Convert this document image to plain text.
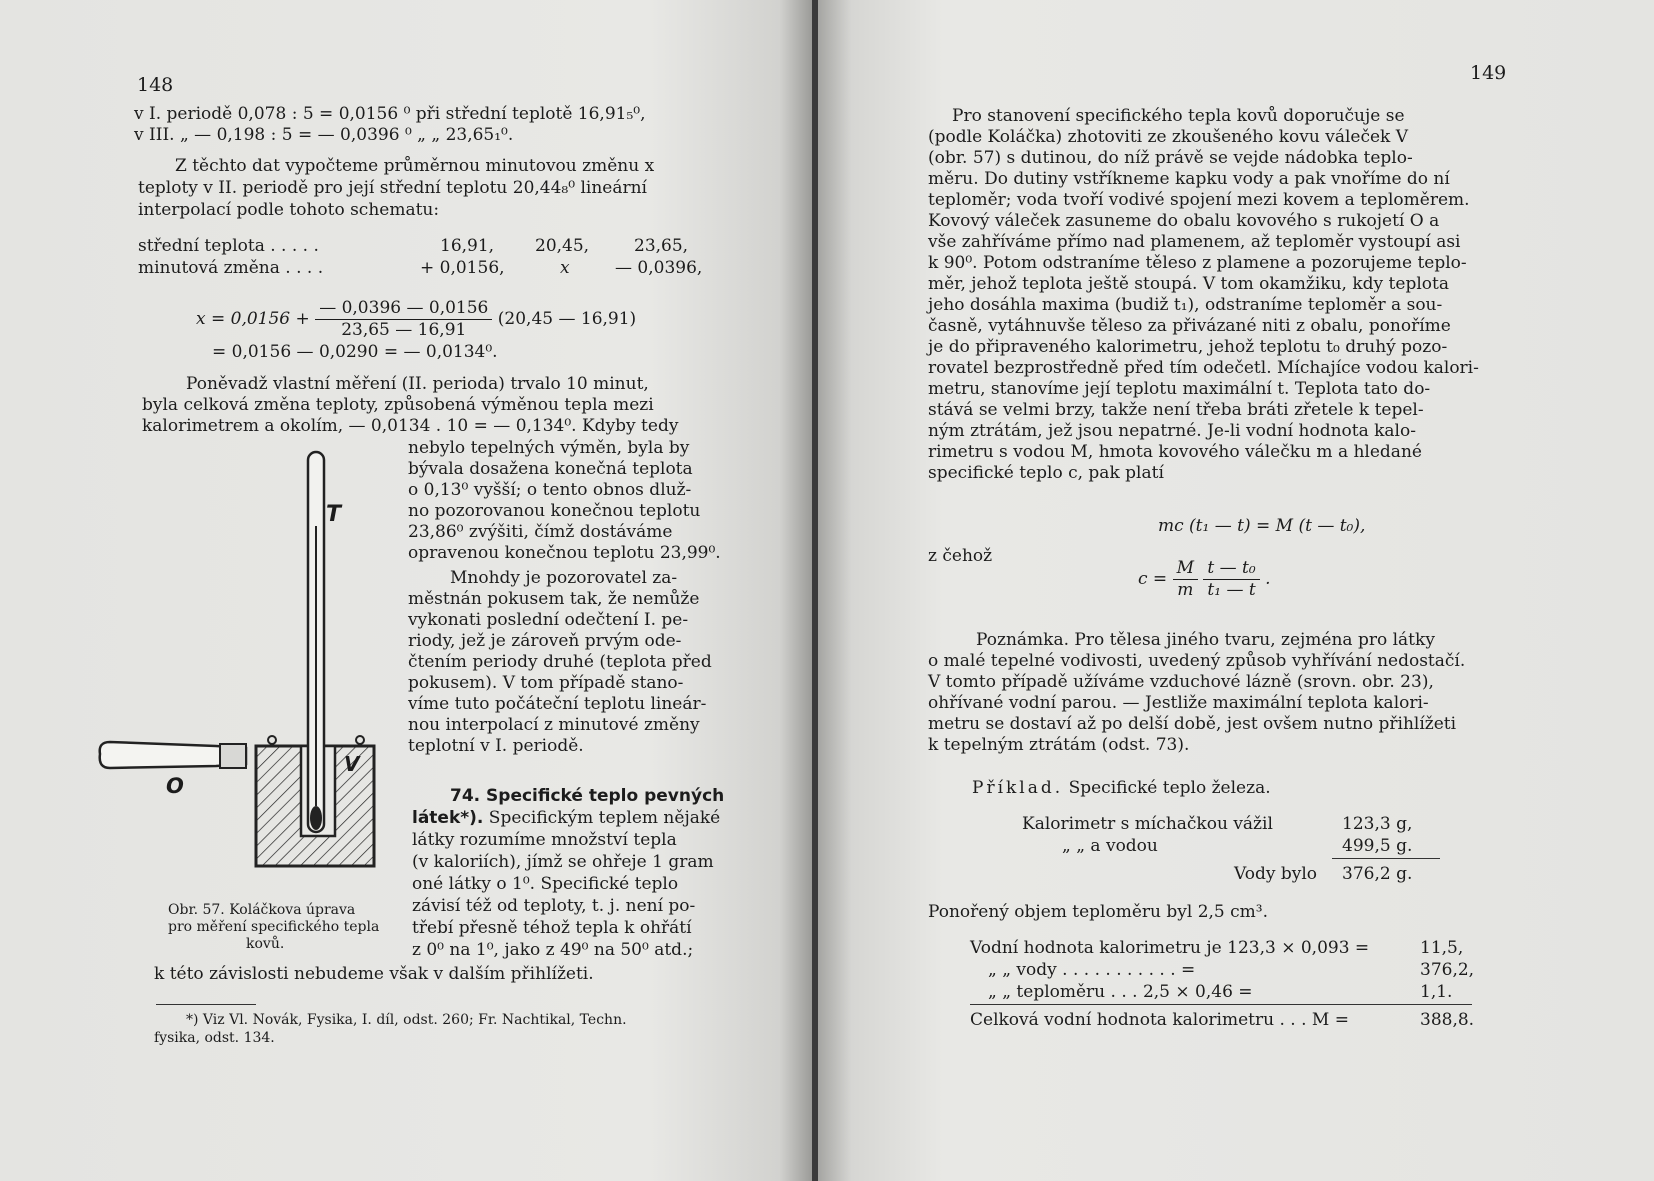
148
v I. periodě 0,078 : 5 = 0,0156 ⁰ při střední teplotě 16,91₅⁰,
v III. „ — 0,198 : 5 = — 0,0396 ⁰ „ „ 23,65₁⁰.
Z těchto dat vypočteme průměrnou minutovou změnu x
teploty v II. periodě pro její střední teplotu 20,44₈⁰ lineární
interpolací podle tohoto schematu:
střední teplota . . . . .	16,91, 20,45,	23,65,
minutová změna . . . .	+ 0,0156,	x	— 0,0396,
$x = 0,0156 + \frac{— 0,0396 — 0,0156}{23,65 — 16,91} (20,45$ — 16,91)
= 0,0156 — 0,0290 = — 0,0134⁰.
Poněvadž vlastní měření (II. perioda) trvalo 10 minut,
byla celková změna teploty, způsobená výměnou tepla mezi
kalorimetrem a okolím, — 0,0134 . 10 = — 0,134⁰. Kdyby tedy
nebylo tepelných výměn, byla by
bývala dosažena konečná teplota
o 0,13⁰ vyšší; o tento obnos dluž-
no pozorovanou konečnou teplotu
23,86⁰ zvýšiti, čímž dostáváme
opravenou konečnou teplotu 23,99⁰.
Mnohdy je pozorovatel za-
městnán pokusem tak, že nemůže
vykonati poslední odečtení I. pe-
riody, jež je zároveň prvým ode-
čtením periody druhé (teplota před
pokusem). V tom případě stano-
víme tuto počáteční teplotu lineár-
nou interpolací z minutové změny
teplotní v I. periodě.
74. Specifické teplo pevných
látek*). Specifickým teplem nějaké
látky rozumíme množství tepla
(v kaloriích), jímž se ohřeje 1 gram
oné látky o 1⁰. Specifické teplo
závisí též od teploty, t. j. není po-
třebí přesně téhož tepla k ohřátí
z 0⁰ na 1⁰, jako z 49⁰ na 50⁰ atd.;
k této závislosti nebudeme však v dalším přihlížeti.
T
V
O
Obr. 57. Koláčkova úprava
pro měření specifického tepla
kovů.
*) Viz Vl. Novák, Fysika, I. díl, odst. 260; Fr. Nachtikal, Techn.
fysika, odst. 134.
149
Pro stanovení specifického tepla kovů doporučuje se
(podle Koláčka) zhotoviti ze zkoušeného kovu váleček V
(obr. 57) s dutinou, do níž právě se vejde nádobka teplo-
měru. Do dutiny vstříkneme kapku vody a pak vnoříme do ní
teploměr; voda tvoří vodivé spojení mezi kovem a teploměrem.
Kovový váleček zasuneme do obalu kovového s rukojetí O a
vše zahříváme přímo nad plamenem, až teploměr vystoupí asi
k 90⁰. Potom odstraníme těleso z plamene a pozorujeme teplo-
měr, jehož teplota ještě stoupá. V tom okamžiku, kdy teplota
jeho dosáhla maxima (budiž t₁), odstraníme teploměr a sou-
časně, vytáhnuvše těleso za přivázané niti z obalu, ponoříme
je do připraveného kalorimetru, jehož teplotu t₀ druhý pozo-
rovatel bezprostředně před tím odečetl. Míchajíce vodou kalori-
metru, stanovíme její teplotu maximální t. Teplota tato do-
stává se velmi brzy, takže není třeba bráti zřetele k tepel-
ným ztrátám, jež jsou nepatrné. Je-li vodní hodnota kalo-
rimetru s vodou M, hmota kovového válečku m a hledané
specifické teplo c, pak platí
mc (t₁ — t) = M (t — t₀),
z čehož
$c = \frac{M}{m}$
$\frac{\text{t — t₀}}{\text{t₁ — t}}$ .
Poznámka. Pro tělesa jiného tvaru, zejména pro látky
o malé tepelné vodivosti, uvedený způsob vyhřívání nedostačí.
V tomto případě užíváme vzduchové lázně (srovn. obr. 23),
ohřívané vodní parou. — Jestliže maximální teplota kalori-
metru se dostaví až po delší době, jest ovšem nutno přihlížeti
k tepelným ztrátám (odst. 73).
Příklad. Specifické teplo železa.
Kalorimetr s míchačkou vážil	123,3 g,
„ „ a vodou	499,5 g.
Vody bylo 376,2 g.
Ponořený objem teploměru byl 2,5 cm³.
Vodní hodnota kalorimetru je 123,3 × 0,093 =	11,5,
„ „ vody . . . . . . . . . . . =	376,2,
„ „ teploměru . . . 2,5 × 0,46 =	1,1.
Celková vodní hodnota kalorimetru . . . M =	388,8.
